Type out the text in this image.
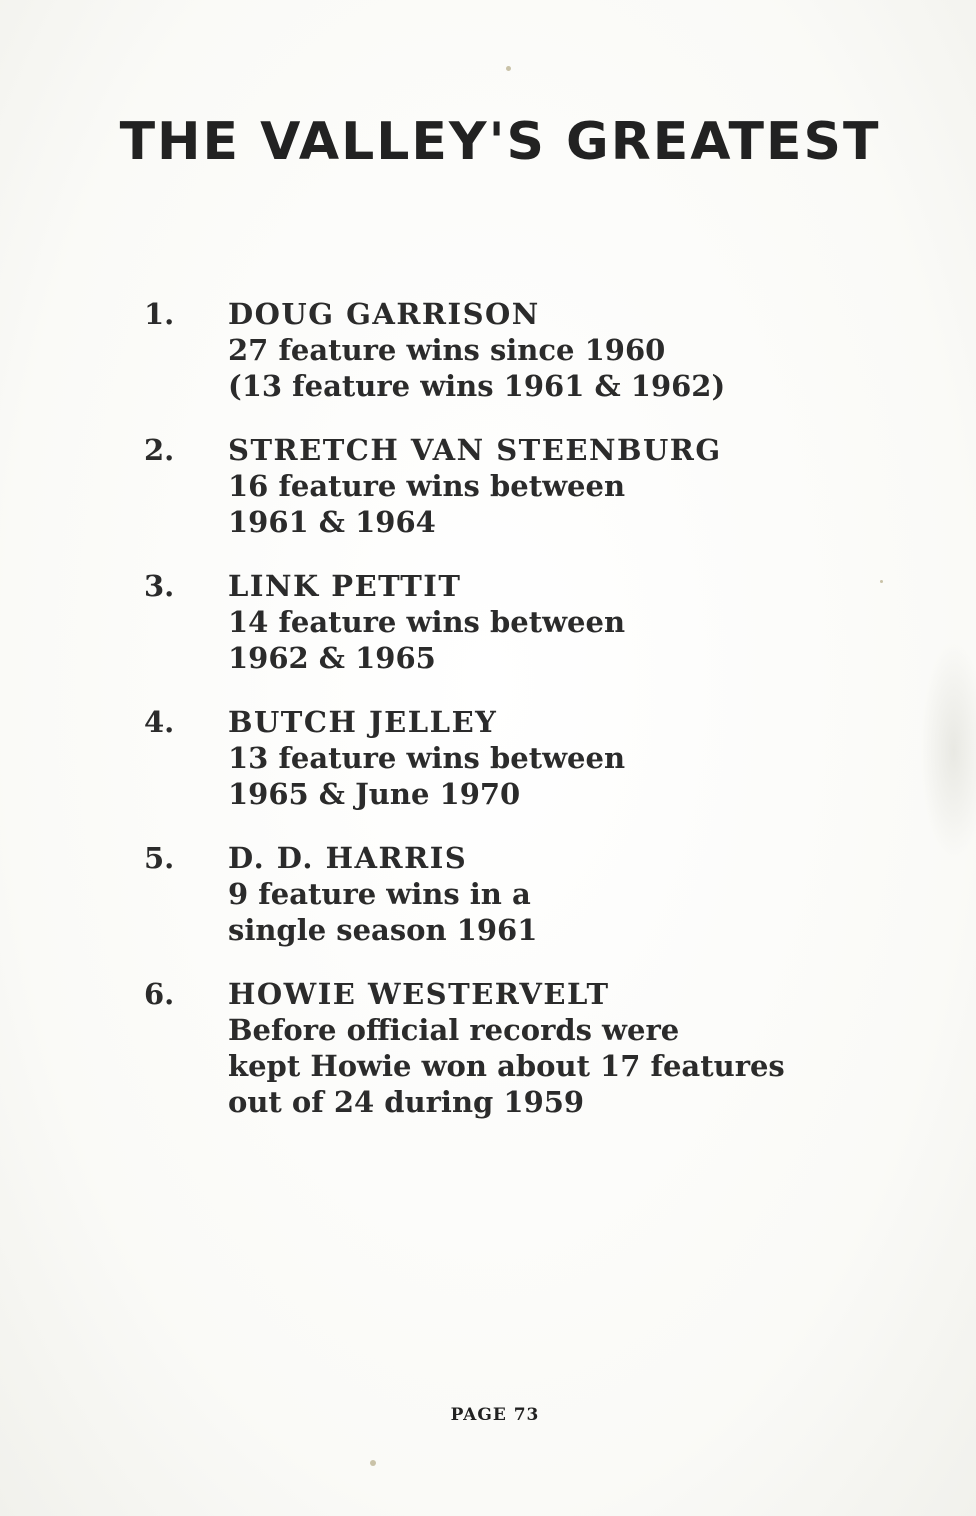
THE VALLEY'S GREATEST
1.	DOUG GARRISON
27 feature wins since 1960
(13 feature wins 1961 & 1962)
2.	STRETCH VAN STEENBURG
16 feature wins between
1961 & 1964
3.	LINK PETTIT
14 feature wins between
1962 & 1965
4.	BUTCH JELLEY
13 feature wins between
1965 & June 1970
5.	D. D. HARRIS
9 feature wins in a
single season 1961
6.	HOWIE WESTERVELT
Before official records were
kept Howie won about 17 features
out of 24 during 1959
PAGE 73
